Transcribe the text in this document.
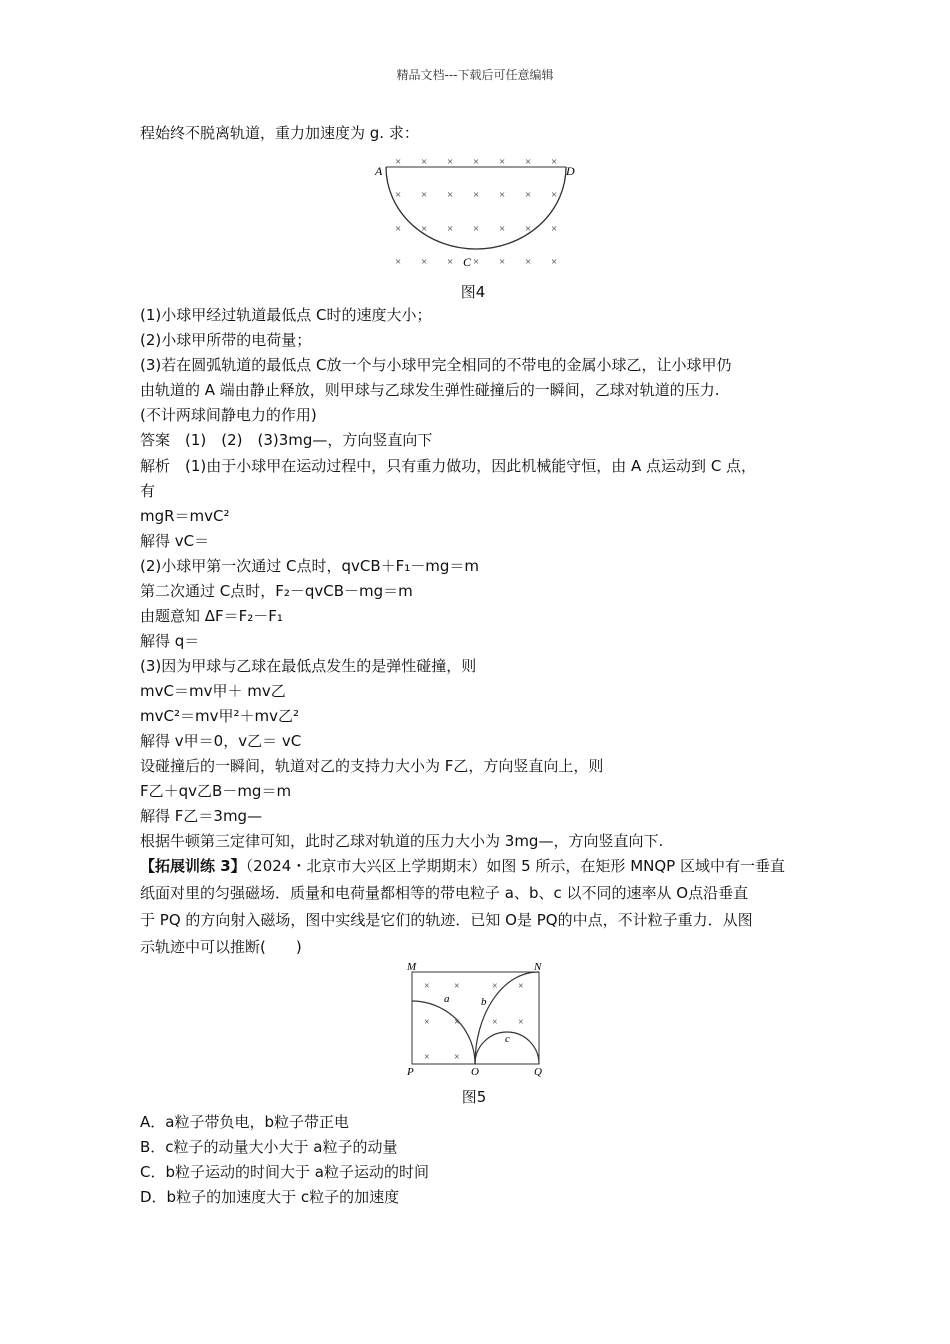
精品文档---下载后可任意编辑
程始终不脱离轨道，重力加速度为 g. 求：
× × × × × × ×
× × × × × × ×
× × × × × × ×
× × × × × × ×
A	D
C
图4
(1)小球甲经过轨道最低点 C时的速度大小；
(2)小球甲所带的电荷量；
(3)若在圆弧轨道的最低点 C放一个与小球甲完全相同的不带电的金属小球乙，让小球甲仍
由轨道的 A 端由静止释放，则甲球与乙球发生弹性碰撞后的一瞬间，乙球对轨道的压力.
(不计两球间静电力的作用)
答案　(1)　(2)　(3)3mg—，方向竖直向下
解析　(1)由于小球甲在运动过程中，只有重力做功，因此机械能守恒，由 A 点运动到 C 点，
有
mgR＝mvC²
解得 vC＝
(2)小球甲第一次通过 C点时，qvCB＋F₁－mg＝m
第二次通过 C点时，F₂－qvCB－mg＝m
由题意知 ΔF＝F₂－F₁
解得 q＝
(3)因为甲球与乙球在最低点发生的是弹性碰撞，则
mvC＝mv甲＋ mv乙
mvC²＝mv甲²＋mv乙²
解得 v甲＝0，v乙＝ vC
设碰撞后的一瞬间，轨道对乙的支持力大小为 F乙，方向竖直向上，则
F乙＋qv乙B－mg＝m
解得 F乙＝3mg—
根据牛顿第三定律可知，此时乙球对轨道的压力大小为 3mg—，方向竖直向下.
【拓展训练 3】（2024・北京市大兴区上学期期末）如图 5 所示，在矩形 MNQP 区域中有一垂直
纸面对里的匀强磁场．质量和电荷量都相等的带电粒子 a、b、c 以不同的速率从 O点沿垂直
于 PQ 的方向射入磁场，图中实线是它们的轨迹．已知 O是 PQ的中点，不计粒子重力．从图
示轨迹中可以推断(　　)
× ×
× ×
× ×
× ×
× ×
M	N
P	O	Q
a	b
c
图5
A．a粒子带负电，b粒子带正电
B．c粒子的动量大小大于 a粒子的动量
C．b粒子运动的时间大于 a粒子运动的时间
D．b粒子的加速度大于 c粒子的加速度
